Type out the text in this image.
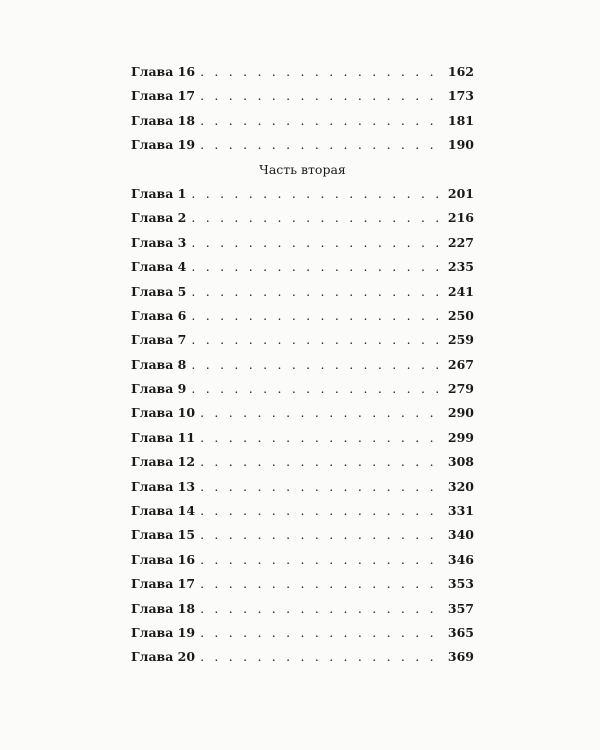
Глава 16 . . .	162
Глава 17 . . .	173
Глава 18 . . .	181
Глава 19 . . .	190
Часть вторая
Глава 1 . . .	201
Глава 2 . . .	216
Глава 3 . . .	227
Глава 4 . . .	235
Глава 5 . . .	241
Глава 6 . . .	250
Глава 7 . . .	259
Глава 8 . . .	267
Глава 9 . . .	279
Глава 10 . . .	290
Глава 11 . . .	299
Глава 12 . . .	308
Глава 13 . . .	320
Глава 14 . . .	331
Глава 15 . . .	340
Глава 16 . . .	346
Глава 17 . . .	353
Глава 18 . . .	357
Глава 19 . . .	365
Глава 20 . . .	369
